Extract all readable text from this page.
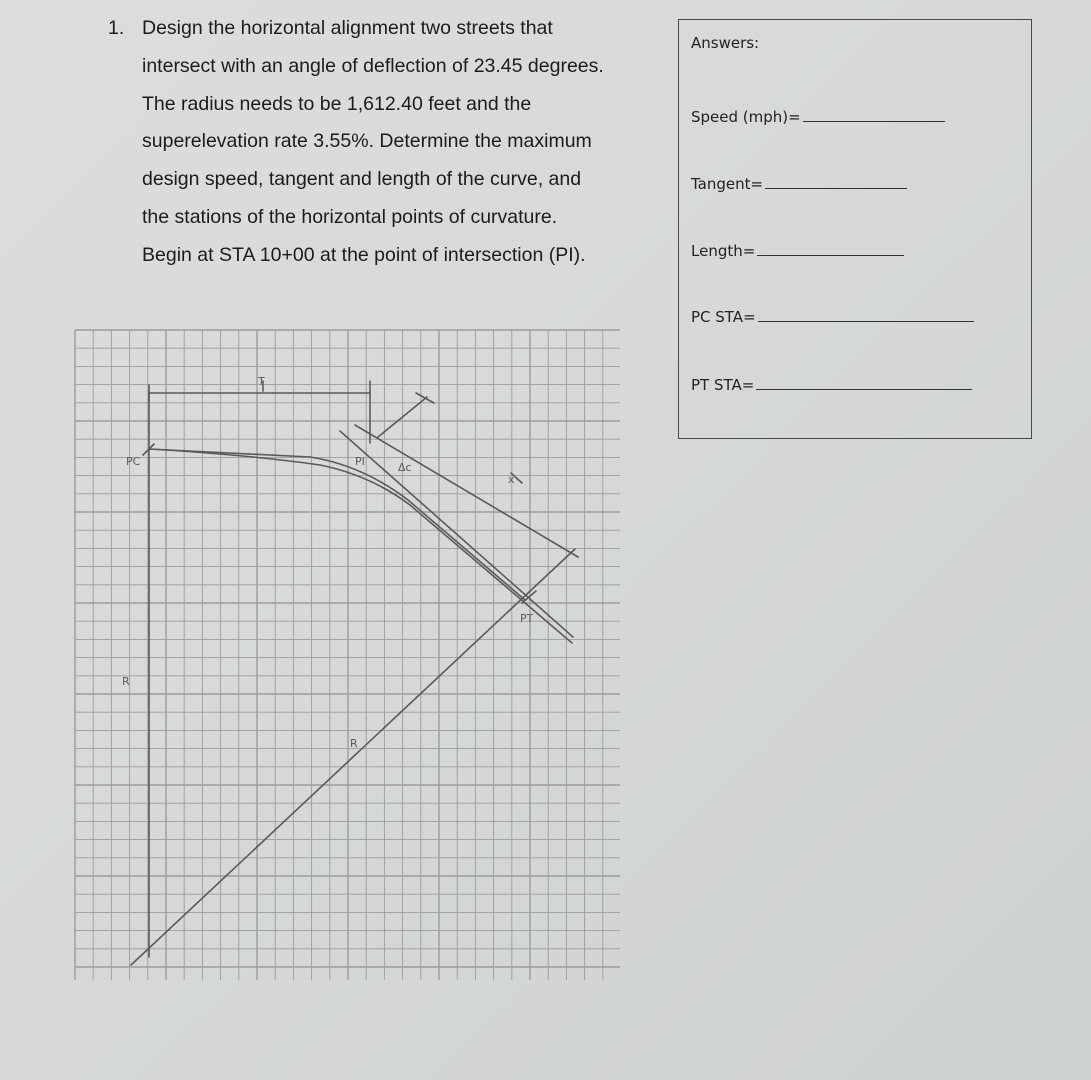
1. Design the horizontal alignment two streets that
intersect with an angle of deflection of 23.45 degrees.
The radius needs to be 1,612.40 feet and the
superelevation rate 3.55%. Determine the maximum
design speed, tangent and length of the curve, and
the stations of the horizontal points of curvature.
Begin at STA 10+00 at the point of intersection (PI).
Answers:
Speed (mph)=
Tangent=
Length=
PC STA=
PT STA=
PC	PI	Δc
PT
R
R
T
x
